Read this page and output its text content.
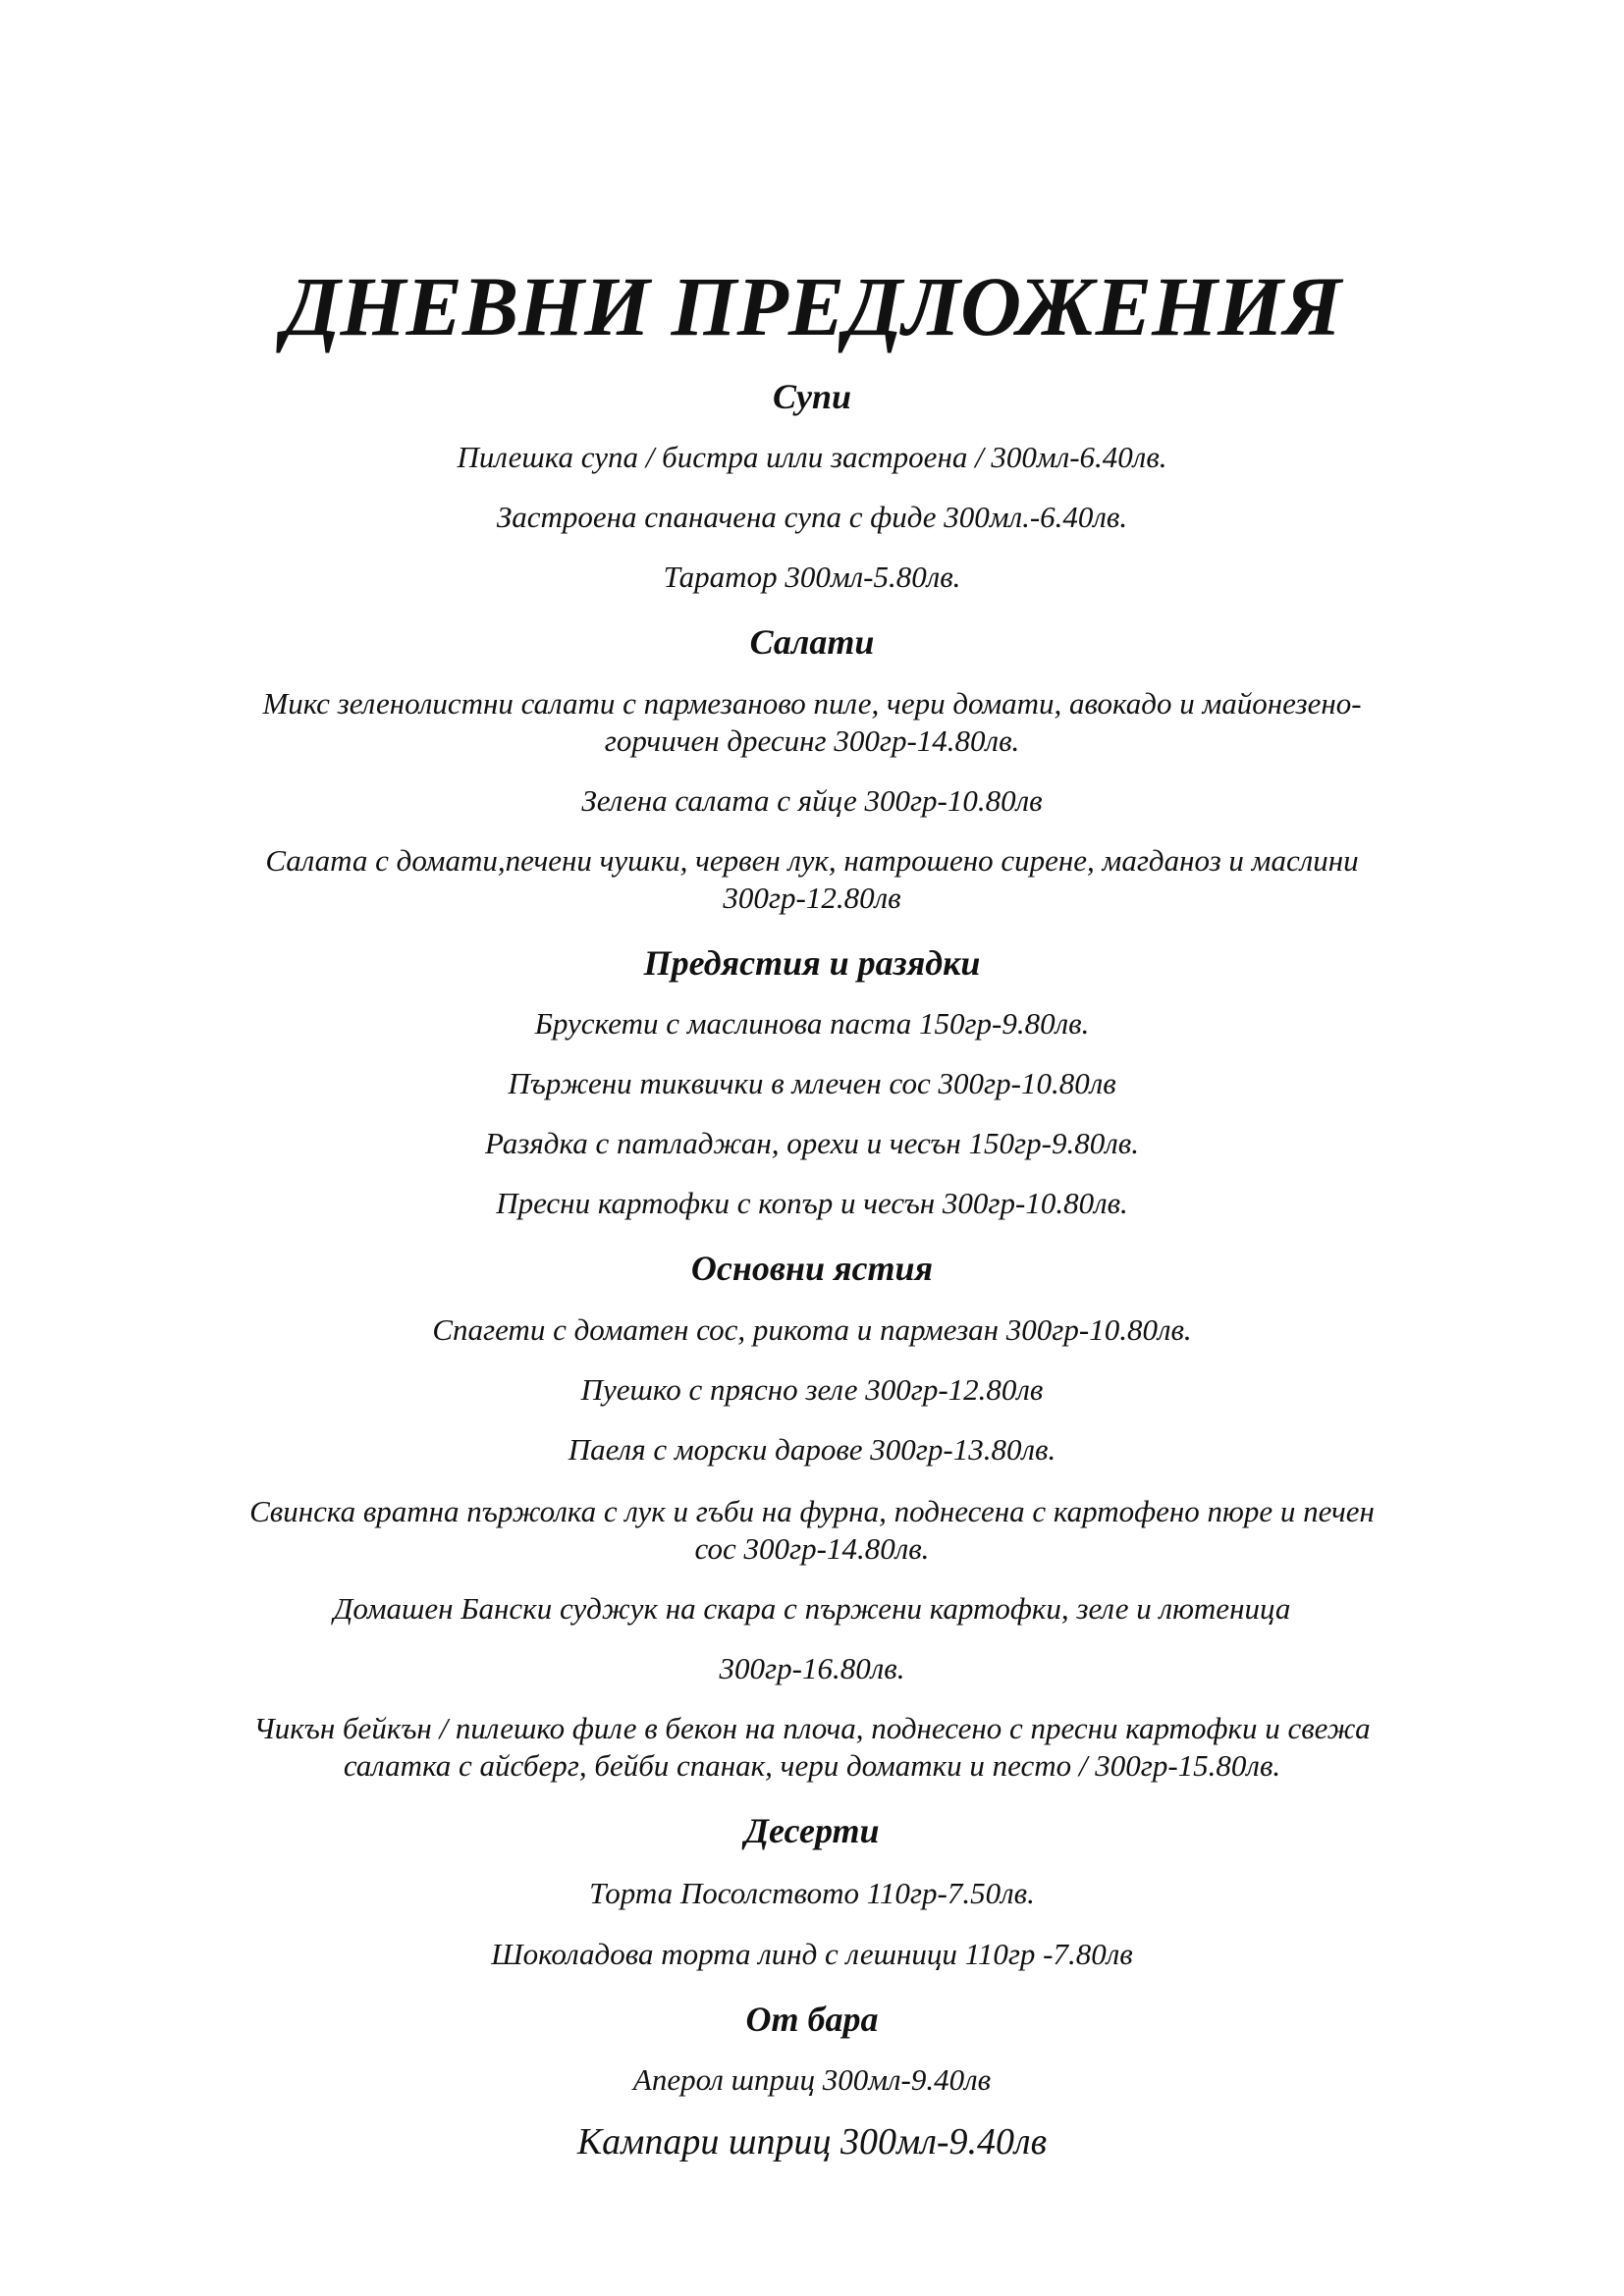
ДНЕВНИ ПРЕДЛОЖЕНИЯ
Супи
Пилешка супа / бистра илли застроена / 300мл-6.40лв.
Застроена спаначена супа с фиде 300мл.-6.40лв.
Таратор 300мл-5.80лв.
Салати
Микс зеленолистни салати с пармезаново пиле, чери домати, авокадо и майонезено-
горчичен дресинг 300гр-14.80лв.
Зелена салата с яйце 300гр-10.80лв
Салата с домати,печени чушки, червен лук, натрошено сирене, магданоз и маслини
300гр-12.80лв
Предястия и разядки
Брускети с маслинова паста 150гр-9.80лв.
Пържени тиквички в млечен сос 300гр-10.80лв
Разядка с патладжан, орехи и чесън 150гр-9.80лв.
Пресни картофки с копър и чесън 300гр-10.80лв.
Основни ястия
Спагети с доматен сос, рикота и пармезан 300гр-10.80лв.
Пуешко с прясно зеле 300гр-12.80лв
Паеля с морски дарове 300гр-13.80лв.
Свинска вратна пържолка с лук и гъби на фурна, поднесена с картофено пюре и печен
сос 300гр-14.80лв.
Домашен Бански суджук на скара с пържени картофки, зеле и лютеница
300гр-16.80лв.
Чикън бейкън / пилешко филе в бекон на плоча, поднесено с пресни картофки и свежа
салатка с айсберг, бейби спанак, чери доматки и песто / 300гр-15.80лв.
Десерти
Торта Посолството 110гр-7.50лв.
Шоколадова торта линд с лешници 110гр -7.80лв
От бара
Аперол шприц 300мл-9.40лв
Кампари шприц 300мл-9.40лв
